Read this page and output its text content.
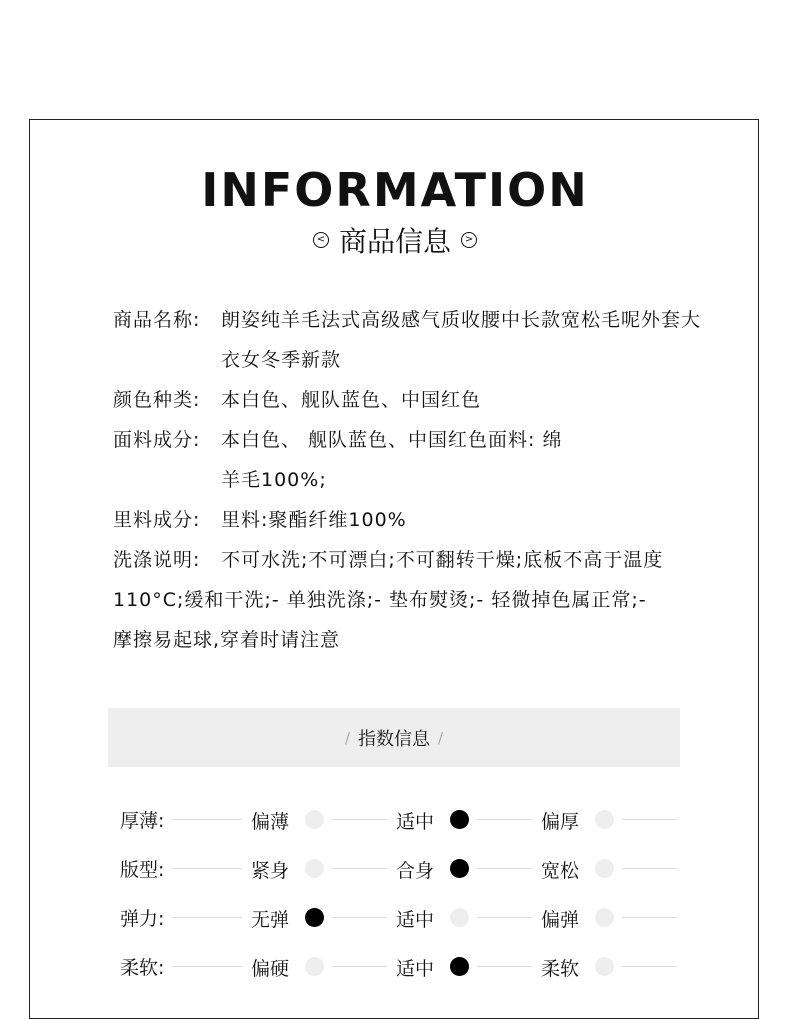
INFORMATION
< 商品信息	>
商品名称:	朗姿纯羊毛法式高级感气质收腰中长款宽松毛呢外套大衣女冬季新款
颜色种类:	本白色、舰队蓝色、中国红色
面料成分:	本白色、 舰队蓝色、中国红色面料: 绵羊毛100%;
里料成分:	里料:聚酯纤维100%
洗涤说明:	不可水洗;不可漂白;不可翻转干燥;底板不高于温度
110°C;缓和干洗;- 单独洗涤;- 垫布熨烫;- 轻微掉色属正常;-
摩擦易起球,穿着时请注意
/ 指数信息 /
厚薄:	偏薄	适中	偏厚
版型:	紧身	合身	宽松
弹力:	无弹	适中	偏弹
柔软:	偏硬	适中	柔软
